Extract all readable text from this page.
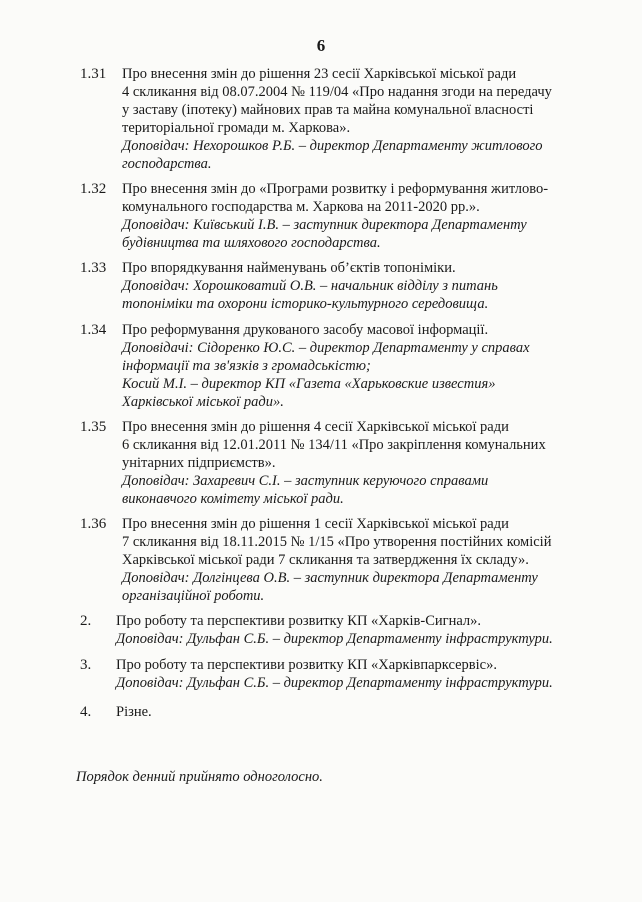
6
1.31 Про внесення змін до рішення 23 сесії Харківської міської ради
4 скликання від 08.07.2004 № 119/04 «Про надання згоди на передачу
у заставу (іпотеку) майнових прав та майна комунальної власності
територіальної громади м. Харкова».
Доповідач: Нехорошков Р.Б. – директор Департаменту житлового
господарства.
1.32 Про внесення змін до «Програми розвитку і реформування житлово-
комунального господарства м. Харкова на 2011-2020 рр.».
Доповідач: Київський І.В. – заступник директора Департаменту
будівництва та шляхового господарства.
1.33 Про впорядкування найменувань об’єктів топоніміки.
Доповідач: Хорошковатий О.В. – начальник відділу з питань
топоніміки та охорони історико-культурного середовища.
1.34 Про реформування друкованого засобу масової інформації.
Доповідачі: Сідоренко Ю.С. – директор Департаменту у справах
інформації та зв'язків з громадськістю;
Косий М.І. – директор КП «Газета «Харьковские известия»
Харківської міської ради».
1.35 Про внесення змін до рішення 4 сесії Харківської міської ради
6 скликання від 12.01.2011 № 134/11 «Про закріплення комунальних
унітарних підприємств».
Доповідач: Захаревич С.І. – заступник керуючого справами
виконавчого комітету міської ради.
1.36 Про внесення змін до рішення 1 сесії Харківської міської ради
7 скликання від 18.11.2015 № 1/15 «Про утворення постійних комісій
Харківської міської ради 7 скликання та затвердження їх складу».
Доповідач: Долгінцева О.В. – заступник директора Департаменту
організаційної роботи.
2. Про роботу та перспективи розвитку КП «Харків-Сигнал».
Доповідач: Дульфан С.Б. – директор Департаменту інфраструктури.
3. Про роботу та перспективи розвитку КП «Харківпарксервіс».
Доповідач: Дульфан С.Б. – директор Департаменту інфраструктури.
4. Різне.
Порядок денний прийнято одноголосно.
